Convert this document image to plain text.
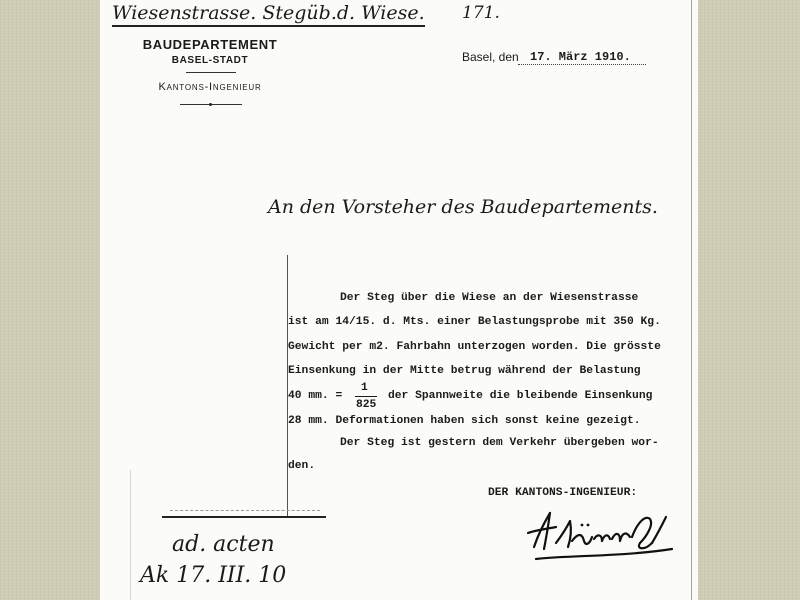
Wiesenstrasse. Stegüb.d. Wiese. 171.
BAUDEPARTEMENT
BASEL-STADT
Kantons-Ingenieur
Basel, den 17. März 1910.
An den Vorsteher des Baudepartements.
Der Steg über die Wiese an der Wiesenstrasse
ist am 14/15. d. Mts. einer Belastungsprobe mit 350 Kg.
Gewicht per m2. Fahrbahn unterzogen worden. Die grösste
Einsenkung in der Mitte betrug während der Belastung
40 mm. =
1
825
der Spannweite die bleibende Einsenkung
28 mm. Deformationen haben sich sonst keine gezeigt.
Der Steg ist gestern dem Verkehr übergeben wor-
den.
DER KANTONS-INGENIEUR:
ad. acten
Ak 17. III. 10
